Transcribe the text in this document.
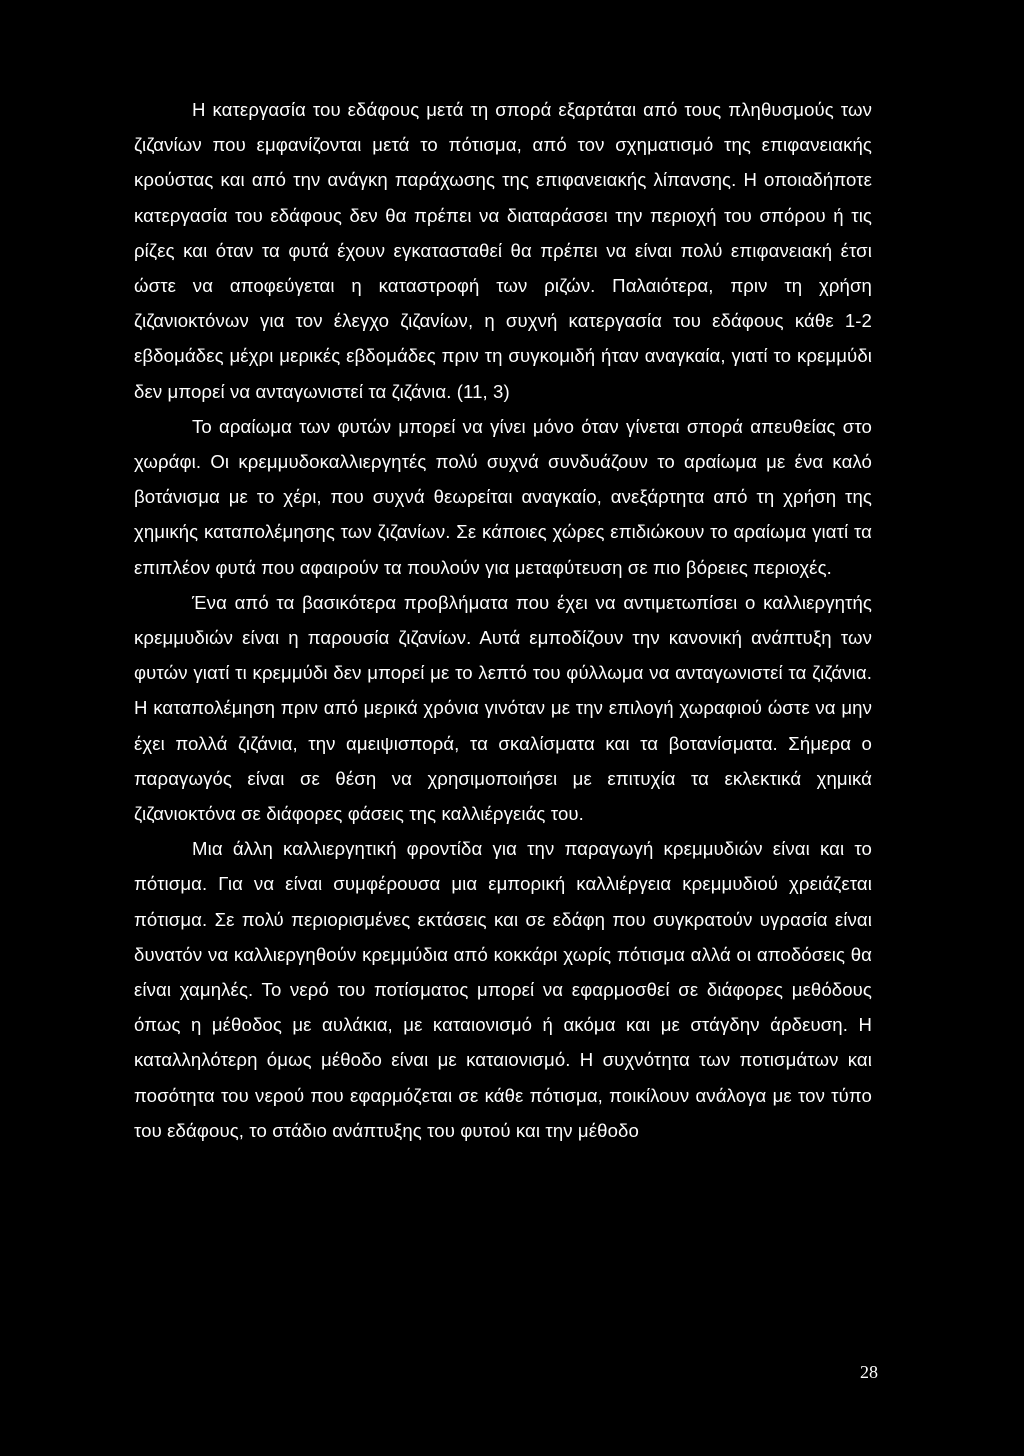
Η κατεργασία του εδάφους μετά τη σπορά εξαρτάται από τους πληθυσμούς των ζιζανίων που εμφανίζονται μετά το πότισμα, από τον σχηματισμό της επιφανειακής κρούστας και από την ανάγκη παράχωσης της επιφανειακής λίπανσης. Η οποιαδήποτε κατεργασία του εδάφους δεν θα πρέπει να διαταράσσει την περιοχή του σπόρου ή τις ρίζες και όταν τα φυτά έχουν εγκατασταθεί θα πρέπει να είναι πολύ επιφανειακή έτσι ώστε να αποφεύγεται η καταστροφή των ριζών. Παλαιότερα, πριν τη χρήση ζιζανιοκτόνων για τον έλεγχο ζιζανίων, η συχνή κατεργασία του εδάφους κάθε 1-2 εβδομάδες μέχρι μερικές εβδομάδες πριν τη συγκομιδή ήταν αναγκαία, γιατί το κρεμμύδι δεν μπορεί να ανταγωνιστεί τα ζιζάνια. (11, 3)

Το αραίωμα των φυτών μπορεί να γίνει μόνο όταν γίνεται σπορά απευθείας στο χωράφι. Οι κρεμμυδοκαλλιεργητές πολύ συχνά συνδυάζουν το αραίωμα με ένα καλό βοτάνισμα με το χέρι, που συχνά θεωρείται αναγκαίο, ανεξάρτητα από τη χρήση της χημικής καταπολέμησης των ζιζανίων. Σε κάποιες χώρες επιδιώκουν το αραίωμα γιατί τα επιπλέον φυτά που αφαιρούν τα πουλούν για μεταφύτευση σε πιο βόρειες περιοχές.

Ένα από τα βασικότερα προβλήματα που έχει να αντιμετωπίσει ο καλλιεργητής κρεμμυδιών είναι η παρουσία ζιζανίων. Αυτά εμποδίζουν την κανονική ανάπτυξη των φυτών γιατί τι κρεμμύδι δεν μπορεί με το λεπτό του φύλλωμα να ανταγωνιστεί τα ζιζάνια. Η καταπολέμηση πριν από μερικά χρόνια γινόταν με την επιλογή χωραφιού ώστε να μην έχει πολλά ζιζάνια, την αμειψισπορά, τα σκαλίσματα και τα βοτανίσματα. Σήμερα ο παραγωγός είναι σε θέση να χρησιμοποιήσει με επιτυχία τα εκλεκτικά χημικά ζιζανιοκτόνα σε διάφορες φάσεις της καλλιέργειάς του.

Μια άλλη καλλιεργητική φροντίδα για την παραγωγή κρεμμυδιών είναι και το πότισμα. Για να είναι συμφέρουσα μια εμπορική καλλιέργεια κρεμμυδιού χρειάζεται πότισμα. Σε πολύ περιορισμένες εκτάσεις και σε εδάφη που συγκρατούν υγρασία είναι δυνατόν να καλλιεργηθούν κρεμμύδια από κοκκάρι χωρίς πότισμα αλλά οι αποδόσεις θα είναι χαμηλές. Το νερό του ποτίσματος μπορεί να εφαρμοσθεί σε διάφορες μεθόδους όπως η μέθοδος με αυλάκια, με καταιονισμό ή ακόμα και με στάγδην άρδευση. Η καταλληλότερη όμως μέθοδο είναι με καταιονισμό. Η συχνότητα των ποτισμάτων και ποσότητα του νερού που εφαρμόζεται σε κάθε πότισμα, ποικίλουν ανάλογα με τον τύπο του εδάφους, το στάδιο ανάπτυξης του φυτού και την μέθοδο

28
